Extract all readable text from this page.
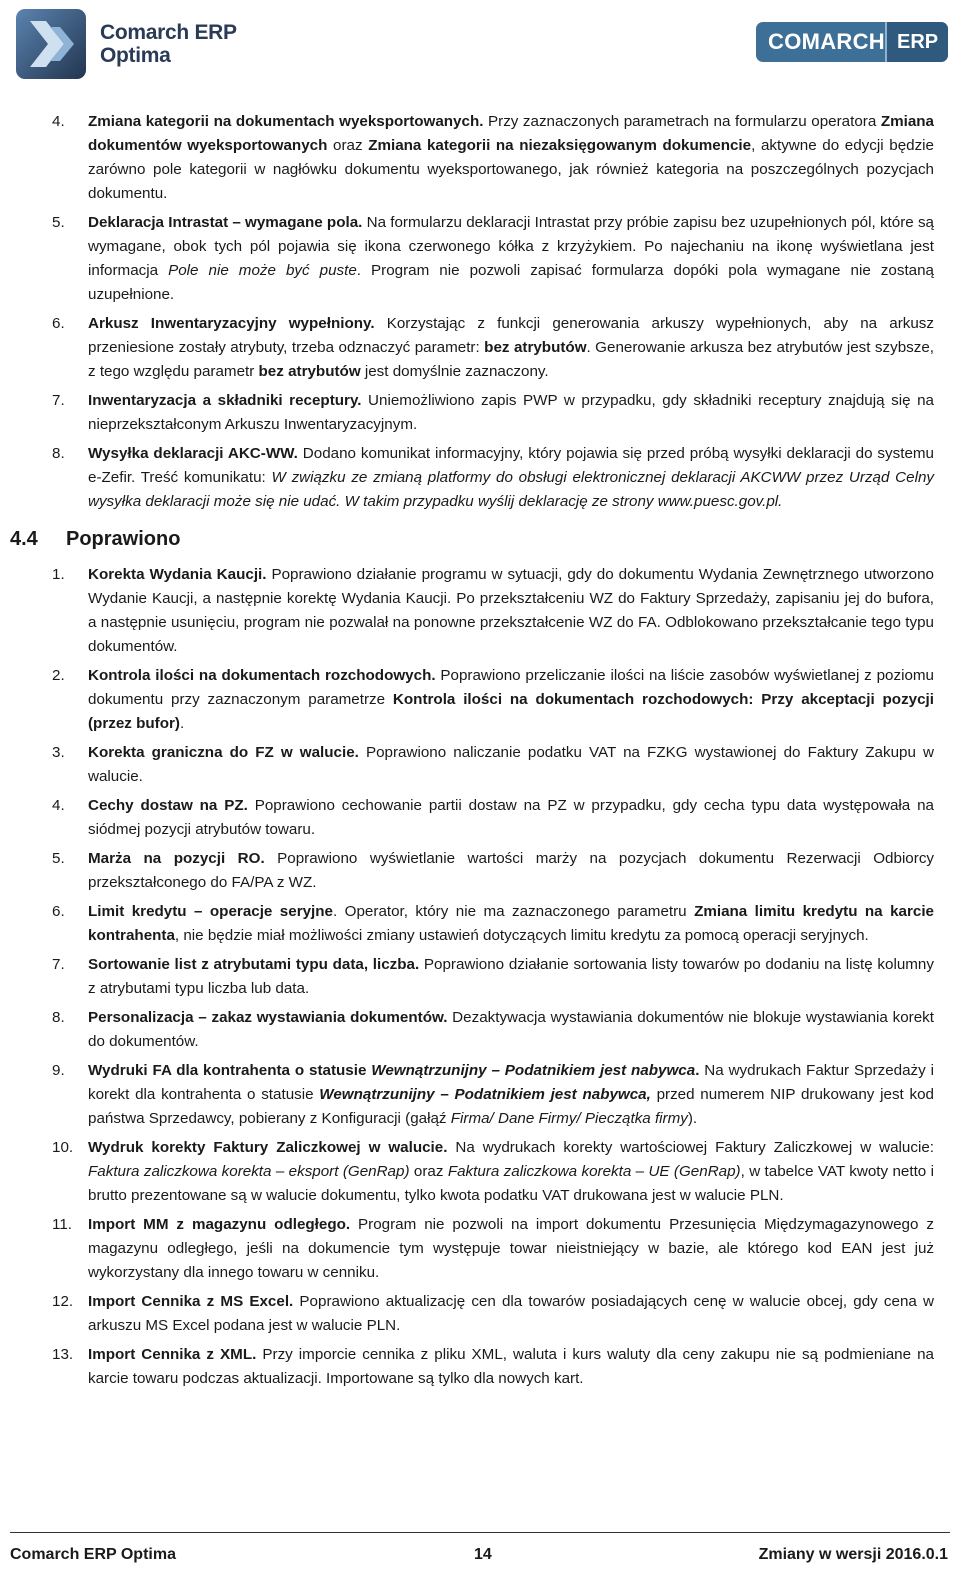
Comarch ERP
Optima
COMARCH ERP
4. Zmiana kategorii na dokumentach wyeksportowanych. Przy zaznaczonych parametrach na formularzu operatora Zmiana dokumentów wyeksportowanych oraz Zmiana kategorii na niezaksięgowanym dokumencie, aktywne do edycji będzie zarówno pole kategorii w nagłówku dokumentu wyeksportowanego, jak również kategoria na poszczególnych pozycjach dokumentu.
5. Deklaracja Intrastat – wymagane pola. Na formularzu deklaracji Intrastat przy próbie zapisu bez uzupełnionych pól, które są wymagane, obok tych pól pojawia się ikona czerwonego kółka z krzyżykiem. Po najechaniu na ikonę wyświetlana jest informacja Pole nie może być puste. Program nie pozwoli zapisać formularza dopóki pola wymagane nie zostaną uzupełnione.
6. Arkusz Inwentaryzacyjny wypełniony. Korzystając z funkcji generowania arkuszy wypełnionych, aby na arkusz przeniesione zostały atrybuty, trzeba odznaczyć parametr: bez atrybutów. Generowanie arkusza bez atrybutów jest szybsze, z tego względu parametr bez atrybutów jest domyślnie zaznaczony.
7. Inwentaryzacja a składniki receptury. Uniemożliwiono zapis PWP w przypadku, gdy składniki receptury znajdują się na nieprzekształconym Arkuszu Inwentaryzacyjnym.
8. Wysyłka deklaracji AKC-WW. Dodano komunikat informacyjny, który pojawia się przed próbą wysyłki deklaracji do systemu e-Zefir. Treść komunikatu: W związku ze zmianą platformy do obsługi elektronicznej deklaracji AKCWW przez Urząd Celny wysyłka deklaracji może się nie udać. W takim przypadku wyślij deklarację ze strony www.puesc.gov.pl.
4.4 Poprawiono
1. Korekta Wydania Kaucji. Poprawiono działanie programu w sytuacji, gdy do dokumentu Wydania Zewnętrznego utworzono Wydanie Kaucji, a następnie korektę Wydania Kaucji. Po przekształceniu WZ do Faktury Sprzedaży, zapisaniu jej do bufora, a następnie usunięciu, program nie pozwalał na ponowne przekształcenie WZ do FA. Odblokowano przekształcanie tego typu dokumentów.
2. Kontrola ilości na dokumentach rozchodowych. Poprawiono przeliczanie ilości na liście zasobów wyświetlanej z poziomu dokumentu przy zaznaczonym parametrze Kontrola ilości na dokumentach rozchodowych: Przy akceptacji pozycji (przez bufor).
3. Korekta graniczna do FZ w walucie. Poprawiono naliczanie podatku VAT na FZKG wystawionej do Faktury Zakupu w walucie.
4. Cechy dostaw na PZ. Poprawiono cechowanie partii dostaw na PZ w przypadku, gdy cecha typu data występowała na siódmej pozycji atrybutów towaru.
5. Marża na pozycji RO. Poprawiono wyświetlanie wartości marży na pozycjach dokumentu Rezerwacji Odbiorcy przekształconego do FA/PA z WZ.
6. Limit kredytu – operacje seryjne. Operator, który nie ma zaznaczonego parametru Zmiana limitu kredytu na karcie kontrahenta, nie będzie miał możliwości zmiany ustawień dotyczących limitu kredytu za pomocą operacji seryjnych.
7. Sortowanie list z atrybutami typu data, liczba. Poprawiono działanie sortowania listy towarów po dodaniu na listę kolumny z atrybutami typu liczba lub data.
8. Personalizacja – zakaz wystawiania dokumentów. Dezaktywacja wystawiania dokumentów nie blokuje wystawiania korekt do dokumentów.
9. Wydruki FA dla kontrahenta o statusie Wewnątrzunijny – Podatnikiem jest nabywca. Na wydrukach Faktur Sprzedaży i korekt dla kontrahenta o statusie Wewnątrzunijny – Podatnikiem jest nabywca, przed numerem NIP drukowany jest kod państwa Sprzedawcy, pobierany z Konfiguracji (gałąź Firma/ Dane Firmy/ Pieczątka firmy).
10. Wydruk korekty Faktury Zaliczkowej w walucie. Na wydrukach korekty wartościowej Faktury Zaliczkowej w walucie: Faktura zaliczkowa korekta – eksport (GenRap) oraz Faktura zaliczkowa korekta – UE (GenRap), w tabelce VAT kwoty netto i brutto prezentowane są w walucie dokumentu, tylko kwota podatku VAT drukowana jest w walucie PLN.
11. Import MM z magazynu odległego. Program nie pozwoli na import dokumentu Przesunięcia Międzymagazynowego z magazynu odległego, jeśli na dokumencie tym występuje towar nieistniejący w bazie, ale którego kod EAN jest już wykorzystany dla innego towaru w cenniku.
12. Import Cennika z MS Excel. Poprawiono aktualizację cen dla towarów posiadających cenę w walucie obcej, gdy cena w arkuszu MS Excel podana jest w walucie PLN.
13. Import Cennika z XML. Przy imporcie cennika z pliku XML, waluta i kurs waluty dla ceny zakupu nie są podmieniane na karcie towaru podczas aktualizacji. Importowane są tylko dla nowych kart.
Comarch ERP Optima	14	Zmiany w wersji 2016.0.1
